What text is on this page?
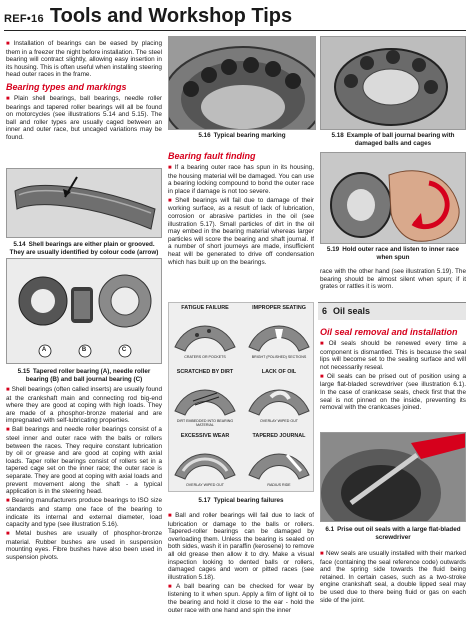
REF•16 Tools and Workshop Tips

■ Installation of bearings can be eased by placing them in a freezer the night before installation. The steel bearing will contract slightly, allowing easy insertion in its housing. This is often useful when installing steering head outer races in the frame.

Bearing types and markings

■ Plain shell bearings, ball bearings, needle roller bearings and tapered roller bearings will all be found on motorcycles (see illustrations 5.14 and 5.15). The ball and roller types are usually caged between an inner and outer race, but uncaged variations may be found.

5.14 Shell bearings are either plain or grooved. They are usually identified by colour code (arrow)
A	B	C
5.15 Tapered roller bearing (A), needle roller bearing (B) and ball journal bearing (C)

■ Shell bearings (often called inserts) are usually found at the crankshaft main and connecting rod big-end where they are good at coping with high loads. They are made of a phosphor-bronze material and are impregnated with self-lubricating properties.

■ Ball bearings and needle roller bearings consist of a steel inner and outer race with the balls or rollers between the races. They require constant lubrication by oil or grease and are good at coping with axial loads. Taper roller bearings consist of rollers set in a tapered cage set on the inner race; the outer race is separate. They are good at coping with axial loads and prevent movement along the shaft - a typical application is in the steering head.

■ Bearing manufacturers produce bearings to ISO size standards and stamp one face of the bearing to indicate its internal and external diameter, load capacity and type (see illustration 5.16).

■ Metal bushes are usually of phosphor-bronze material. Rubber bushes are used in suspension mounting eyes. Fibre bushes have also been used in suspension pivots.

5.16 Typical bearing marking	5.18 Example of ball journal bearing with damaged balls and cages
Bearing fault finding

■ If a bearing outer race has spun in its housing, the housing material will be damaged. You can use a bearing locking compound to bond the outer race in place if damage is not too severe.

■ Shell bearings will fail due to damage of their working surface, as a result of lack of lubrication, corrosion or abrasive particles in the oil (see illustration 5.17). Small particles of dirt in the oil may embed in the bearing material whereas larger particles will score the bearing and shaft journal. If a number of short journeys are made, insufficient heat will be generated to drive off condensation which has built up on the bearings.

5.19 Hold outer race and listen to inner race when spun

race with the other hand (see illustration 5.19). The bearing should be almost silent when spun; if it grates or rattles it is worn.

6 Oil seals
FATIGUE FAILURE
CRATERS OR POCKETS
IMPROPER SEATING
BRIGHT (POLISHED) SECTIONS
SCRATCHED BY DIRT
DIRT EMBEDDED INTO BEARING MATERIAL
LACK OF OIL
OVERLAY WIPED OUT
EXCESSIVE WEAR
OVERLAY WIPED OUT
TAPERED JOURNAL
RADIUS RIDE
5.17 Typical bearing failures

■ Ball and roller bearings will fail due to lack of lubrication or damage to the balls or rollers. Tapered-roller bearings can be damaged by overloading them. Unless the bearing is sealed on both sides, wash it in paraffin (kerosene) to remove all old grease then allow it to dry. Make a visual inspection looking to dented balls or rollers, damaged cages and worn or pitted races (see illustration 5.18).

■ A ball bearing can be checked for wear by listening to it when spun. Apply a film of light oil to the bearing and hold it close to the ear - hold the outer race with one hand and spin the inner

Oil seal removal and installation

■ Oil seals should be renewed every time a component is dismantled. This is because the seal lips will become set to the sealing surface and will not necessarily reseal.

■ Oil seals can be prised out of position using a large flat-bladed screwdriver (see illustration 6.1). In the case of crankcase seals, check first that the seal is not pinned on the inside, preventing its removal with the crankcases joined.

6.1 Prise out oil seals with a large flat-bladed screwdriver

■ New seals are usually installed with their marked face (containing the seal reference code) outwards and the spring side towards the fluid being retained. In certain cases, such as a two-stroke engine crankshaft seal, a double lipped seal may be used due to there being fluid or gas on each side of the joint.
